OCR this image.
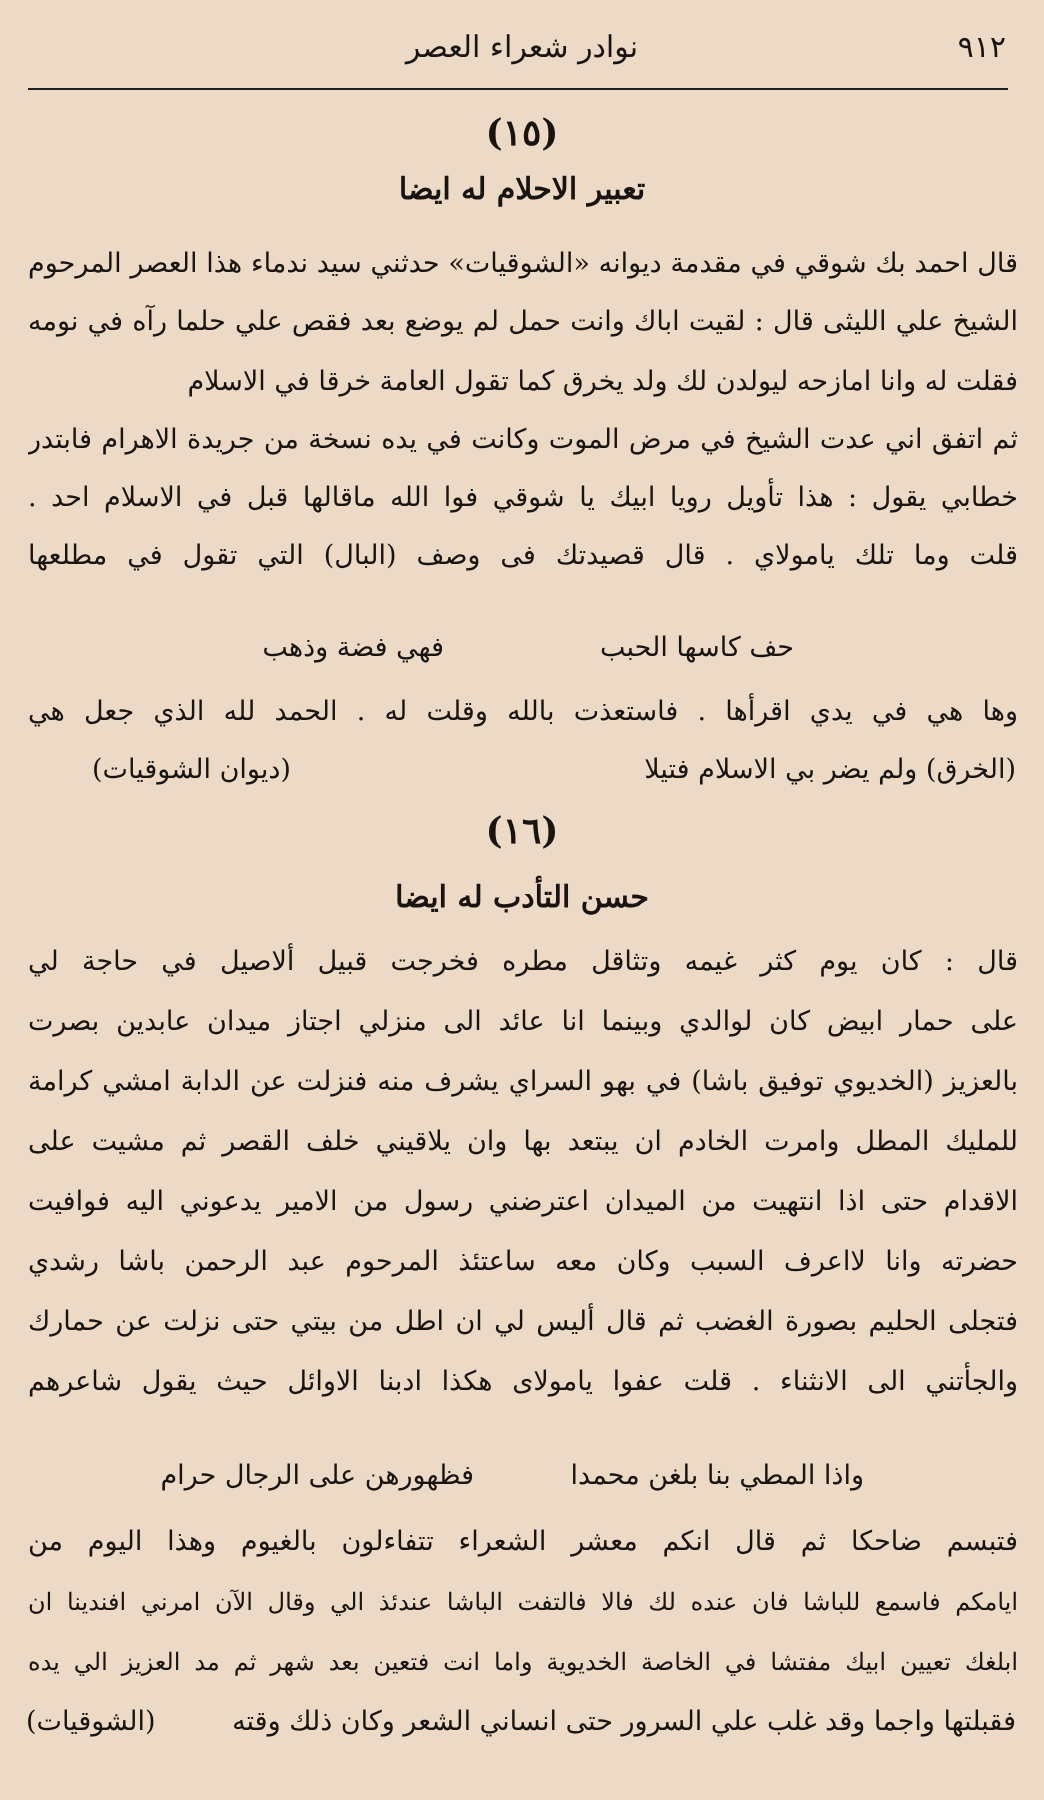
٩١٢
نوادر شعراء العصر
(١٥)
تعبير الاحلام له ايضا
قال احمد بك شوقي في مقدمة ديوانه «الشوقيات» حدثني سيد ندماء هذا العصر المرحوم
الشيخ علي الليثى قال : لقيت اباك وانت حمل لم يوضع بعد فقص علي حلما رآه في نومه
فقلت له وانا امازحه ليولدن لك ولد يخرق كما تقول العامة خرقا في الاسلام
ثم اتفق اني عدت الشيخ في مرض الموت وكانت في يده نسخة من جريدة الاهرام فابتدر
خطابي يقول : هذا تأويل رويا ابيك يا شوقي فوا الله ماقالها قبل في الاسلام احد .
قلت وما تلك يامولاي . قال قصيدتك فى وصف (البال) التي تقول في مطلعها
حف كاسها الحبب
فهي فضة وذهب
وها هي في يدي اقرأها . فاستعذت بالله وقلت له . الحمد لله الذي جعل هي
(الخرق) ولم يضر بي الاسلام فتيلا
(ديوان الشوقيات)
(١٦)
حسن التأدب له ايضا
قال : كان يوم كثر غيمه وتثاقل مطره فخرجت قبيل ألاصيل في حاجة لي
على حمار ابيض كان لوالدي وبينما انا عائد الى منزلي اجتاز ميدان عابدين بصرت
بالعزيز (الخديوي توفيق باشا) في بهو السراي يشرف منه فنزلت عن الدابة امشي كرامة
للمليك المطل وامرت الخادم ان يبتعد بها وان يلاقيني خلف القصر ثم مشيت على
الاقدام حتى اذا انتهيت من الميدان اعترضني رسول من الامير يدعوني اليه فوافيت
حضرته وانا لااعرف السبب وكان معه ساعتئذ المرحوم عبد الرحمن باشا رشدي
فتجلى الحليم بصورة الغضب ثم قال أليس لي ان اطل من بيتي حتى نزلت عن حمارك
والجأتني الى الانثناء . قلت عفوا يامولاى هكذا ادبنا الاوائل حيث يقول شاعرهم
واذا المطي بنا بلغن محمدا
فظهورهن على الرجال حرام
فتبسم ضاحكا ثم قال انكم معشر الشعراء تتفاءلون بالغيوم وهذا اليوم من
ايامكم فاسمع للباشا فان عنده لك فالا فالتفت الباشا عندئذ الي وقال الآن امرني افندينا ان
ابلغك تعيين ابيك مفتشا في الخاصة الخديوية واما انت فتعين بعد شهر ثم مد العزيز الي يده
فقبلتها واجما وقد غلب علي السرور حتى انساني الشعر وكان ذلك وقته
(الشوقيات)
